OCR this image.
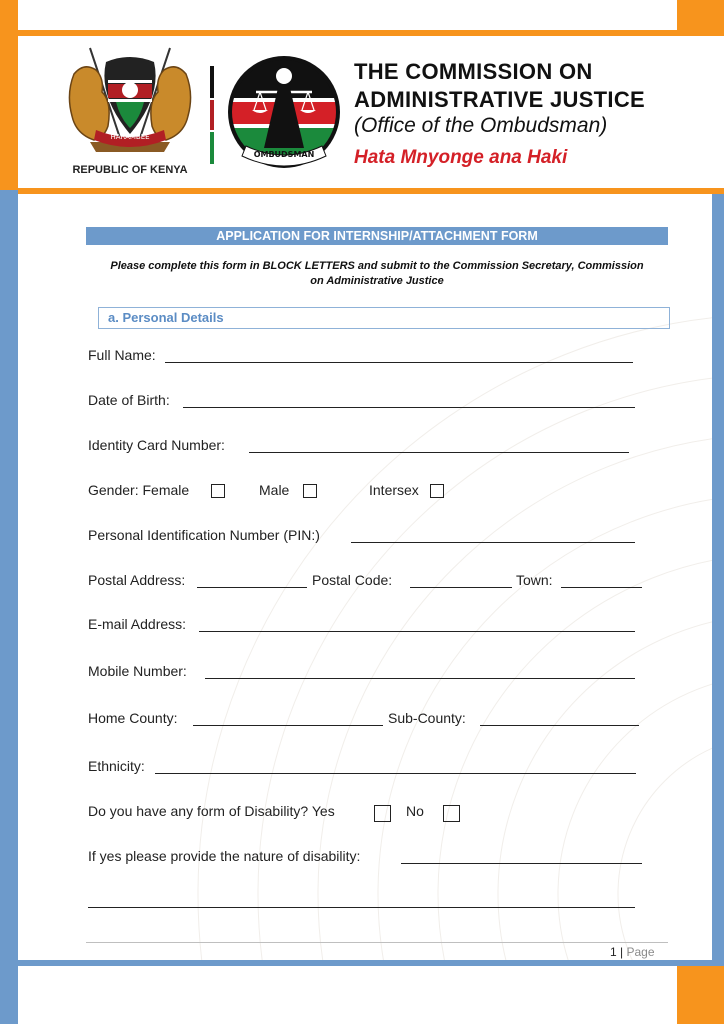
HARAMBEE
REPUBLIC OF KENYA
OMBUDSMAN
THE COMMISSION ON
ADMINISTRATIVE JUSTICE
(Office of the Ombudsman)
Hata Mnyonge ana Haki
APPLICATION FOR INTERNSHIP/ATTACHMENT FORM
Please complete this form in BLOCK LETTERS and submit to the Commission Secretary, Commission
on Administrative Justice
a. Personal Details
Full Name:
Date of Birth:
Identity Card Number:
Gender: Female	Male	Intersex
Personal Identification Number (PIN:)
Postal Address:	Postal Code:	Town:
E-mail Address:
Mobile Number:
Home County:	Sub-County:
Ethnicity:
Do you have any form of Disability? Yes	No
If yes please provide the nature of disability:
1 | Page
